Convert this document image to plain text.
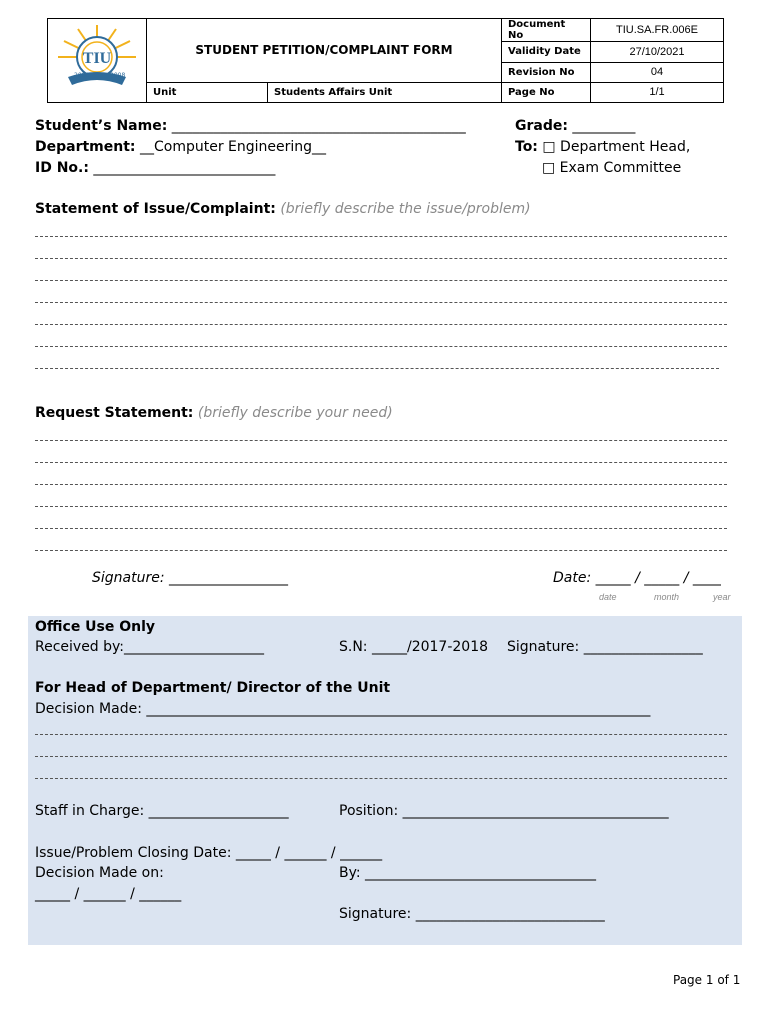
TIU
2008 2008	STUDENT PETITION/COMPLAINT FORM		Document No	TIU.SA.FR.006E
			Validity Date	27/10/2021
			Revision No	04
	Unit	Students Affairs Unit	Page No	1/1
Student’s Name: __________________________________________
Department: __Computer Engineering__
ID No.: __________________________
Grade: _________
To: □ Department Head,
□ Exam Committee
Statement of Issue/Complaint: (briefly describe the issue/problem)
Request Statement: (briefly describe your need)
Signature: _________________	Date: _____ / _____ / ____
date	month	year
Office Use Only
Received by:____________________	S.N: _____/2017-2018 Signature: _________________
For Head of Department/ Director of the Unit
Decision Made: ________________________________________________________________________
Staff in Charge: ____________________	Position: ______________________________________
Issue/Problem Closing Date: _____ / ______ / ______
Decision Made on:	By: _________________________________
_____ / ______ / ______
Signature: ___________________________
Page 1 of 1
